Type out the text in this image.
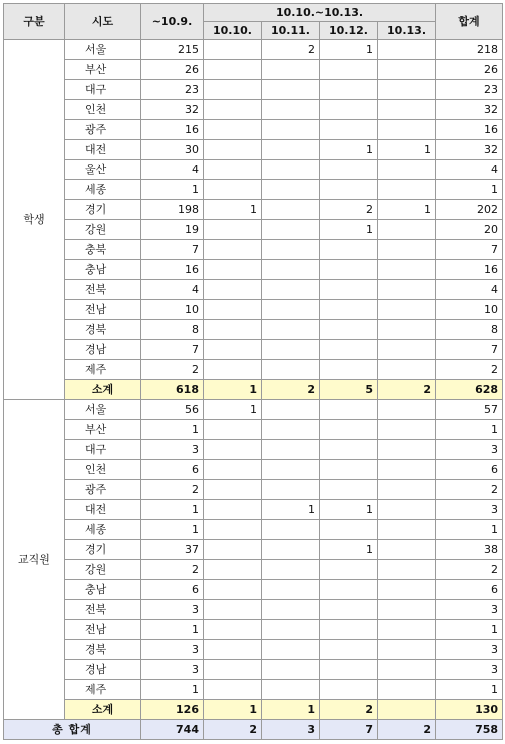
구분	시도	~10.9.	10.10.~10.13.				합계
			10.10.	10.11.	10.12.	10.13.	
학생	서울	215		2	1		218
	부산	26					26
	대구	23					23
	인천	32					32
	광주	16					16
	대전	30			1	1	32
	울산	4					4
	세종	1					1
	경기	198	1		2	1	202
	강원	19			1		20
	충북	7					7
	충남	16					16
	전북	4					4
	전남	10					10
	경북	8					8
	경남	7					7
	제주	2					2
	소계	618	1	2	5	2	628
교직원	서울	56	1				57
	부산	1					1
	대구	3					3
	인천	6					6
	광주	2					2
	대전	1		1	1		3
	세종	1					1
	경기	37			1		38
	강원	2					2
	충남	6					6
	전북	3					3
	전남	1					1
	경북	3					3
	경남	3					3
	제주	1					1
	소계	126	1	1	2		130
총 합계		744	2	3	7	2	758
